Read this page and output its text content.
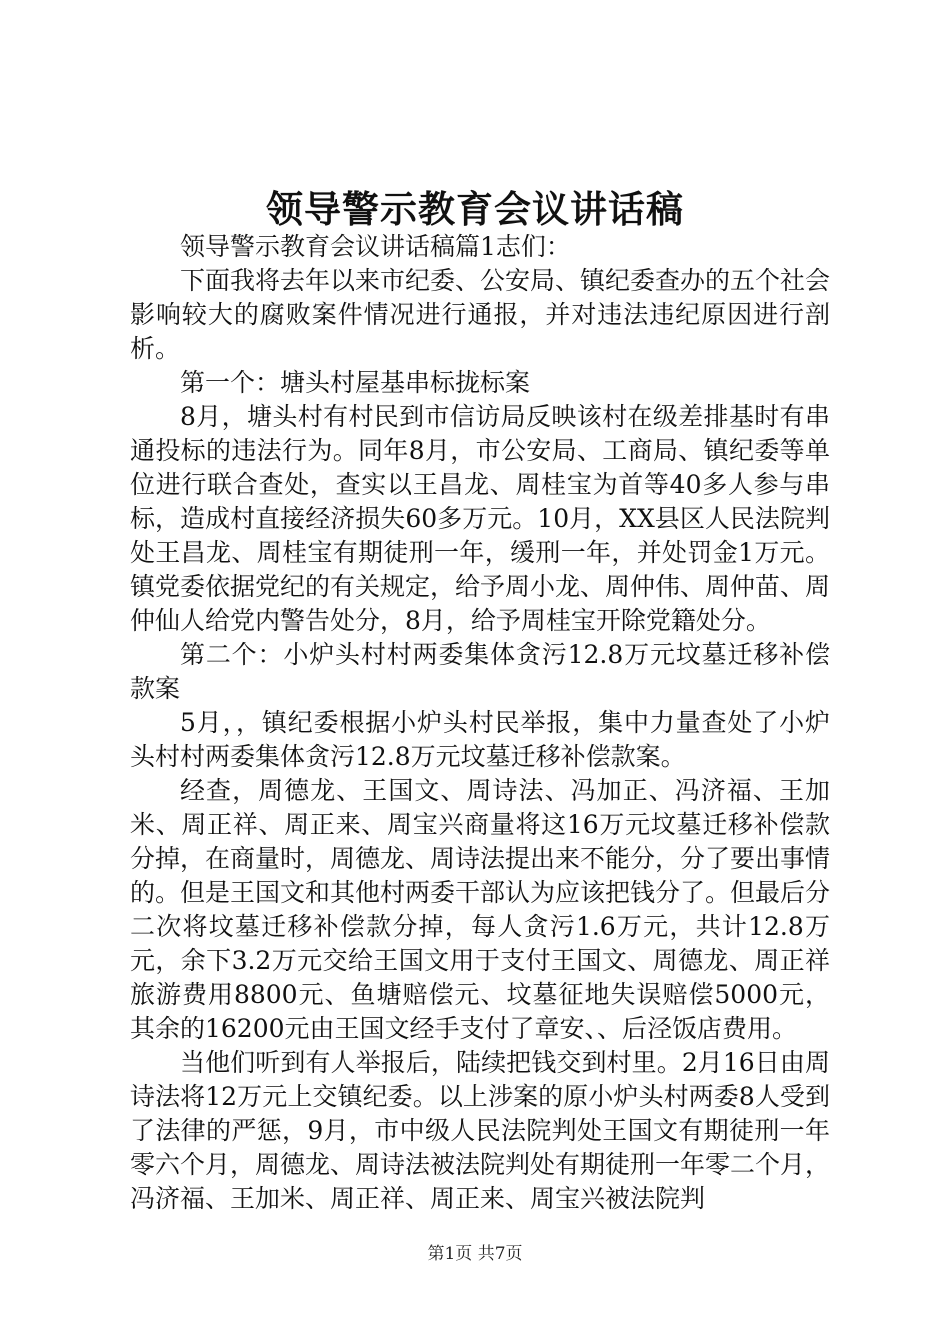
领导警示教育会议讲话稿

领导警示教育会议讲话稿篇1志们：

下面我将去年以来市纪委、公安局、镇纪委查办的五个社会影响较大的腐败案件情况进行通报，并对违法违纪原因进行剖析。

第一个：塘头村屋基串标拢标案

8月，塘头村有村民到市信访局反映该村在级差排基时有串通投标的违法行为。同年8月，市公安局、工商局、镇纪委等单位进行联合查处，查实以王昌龙、周桂宝为首等40多人参与串标，造成村直接经济损失60多万元。10月，XX县区人民法院判处王昌龙、周桂宝有期徒刑一年，缓刑一年，并处罚金1万元。镇党委依据党纪的有关规定，给予周小龙、周仲伟、周仲苗、周仲仙人给党内警告处分，8月，给予周桂宝开除党籍处分。

第二个：小炉头村村两委集体贪污12.8万元坟墓迁移补偿款案

5月，，镇纪委根据小炉头村民举报，集中力量查处了小炉头村村两委集体贪污12.8万元坟墓迁移补偿款案。

经查，周德龙、王国文、周诗法、冯加正、冯济福、王加米、周正祥、周正来、周宝兴商量将这16万元坟墓迁移补偿款分掉，在商量时，周德龙、周诗法提出来不能分，分了要出事情的。但是王国文和其他村两委干部认为应该把钱分了。但最后分二次将坟墓迁移补偿款分掉，每人贪污1.6万元，共计12.8万元，余下3.2万元交给王国文用于支付王国文、周德龙、周正祥旅游费用8800元、鱼塘赔偿元、坟墓征地失误赔偿5000元，其余的16200元由王国文经手支付了章安、、后泾饭店费用。

当他们听到有人举报后，陆续把钱交到村里。2月16日由周诗法将12万元上交镇纪委。以上涉案的原小炉头村两委8人受到了法律的严惩，9月，市中级人民法院判处王国文有期徒刑一年零六个月，周德龙、周诗法被法院判处有期徒刑一年零二个月，冯济福、王加米、周正祥、周正来、周宝兴被法院判

第1页 共7页
